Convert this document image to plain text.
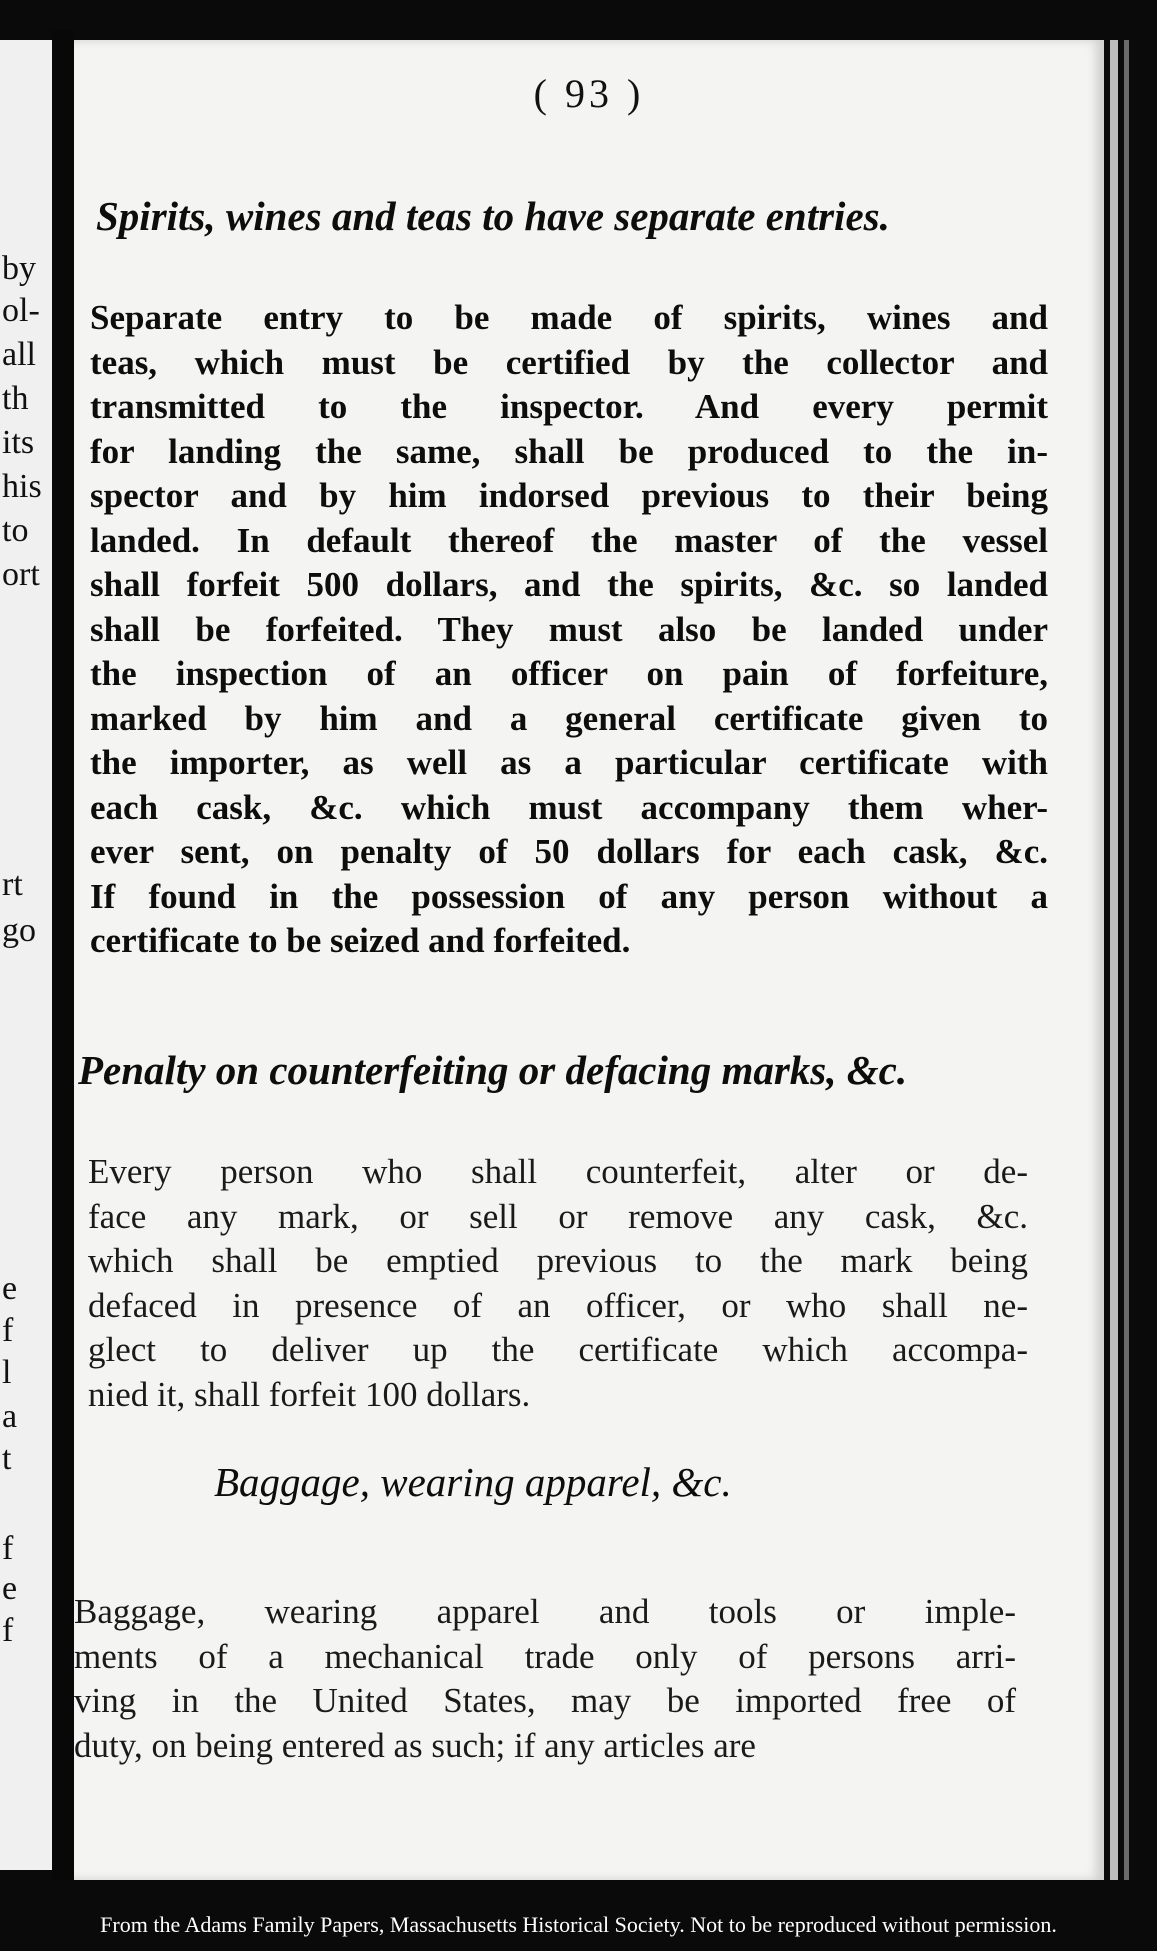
by
ol-
all
th
its
his
to
ort
rt
go
e
f
l
a
t
f
e
f
( 93 )
Spirits, wines and teas to have separate entries.
Separate entry to be made of spirits, wines and
teas, which must be certified by the collector and
transmitted to the inspector. And every permit
for landing the same, shall be produced to the in-
spector and by him indorsed previous to their being
landed. In default thereof the master of the vessel
shall forfeit 500 dollars, and the spirits, &c. so landed
shall be forfeited. They must also be landed under
the inspection of an officer on pain of forfeiture,
marked by him and a general certificate given to
the importer, as well as a particular certificate with
each cask, &c. which must accompany them wher-
ever sent, on penalty of 50 dollars for each cask, &c.
If found in the possession of any person without a
certificate to be seized and forfeited.
Penalty on counterfeiting or defacing marks, &c.
Every person who shall counterfeit, alter or de-
face any mark, or sell or remove any cask, &c.
which shall be emptied previous to the mark being
defaced in presence of an officer, or who shall ne-
glect to deliver up the certificate which accompa-
nied it, shall forfeit 100 dollars.
Baggage, wearing apparel, &c.
Baggage, wearing apparel and tools or imple-
ments of a mechanical trade only of persons arri-
ving in the United States, may be imported free of
duty, on being entered as such; if any articles are
From the Adams Family Papers, Massachusetts Historical Society. Not to be reproduced without permission.
